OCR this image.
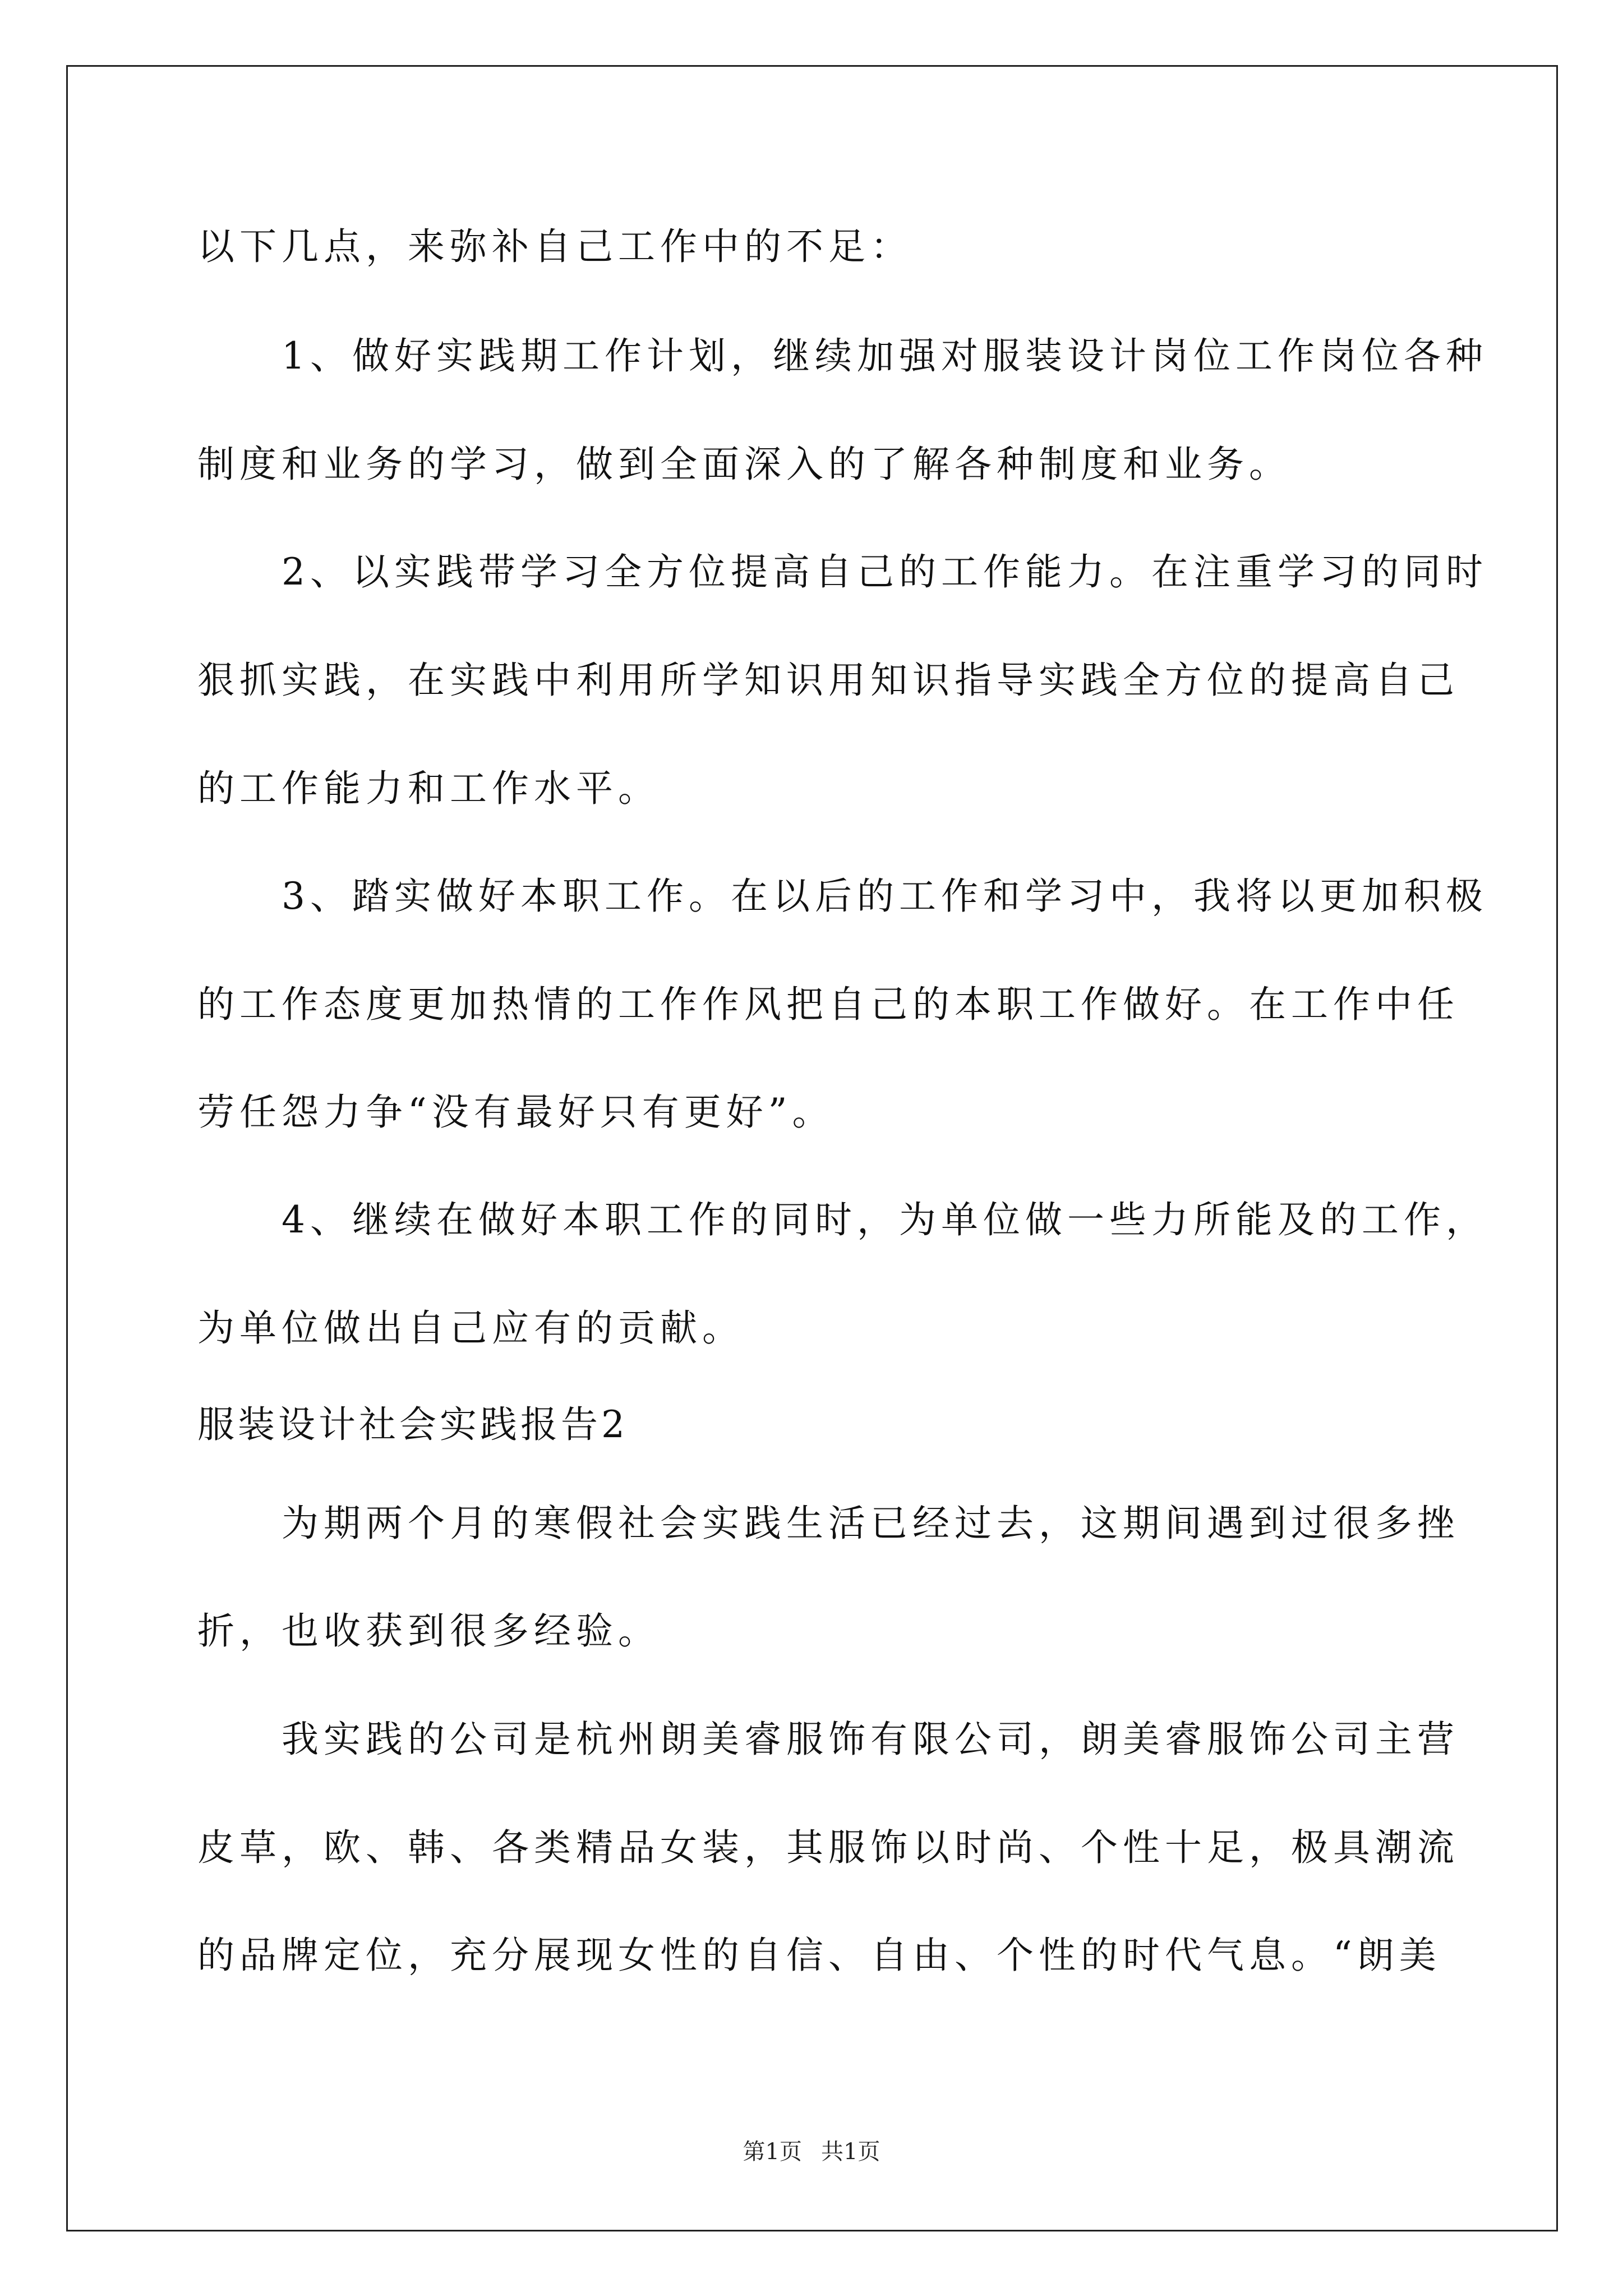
以下几点，来弥补自己工作中的不足：
1、做好实践期工作计划，继续加强对服装设计岗位工作岗位各种
制度和业务的学习，做到全面深入的了解各种制度和业务。
2、以实践带学习全方位提高自己的工作能力。在注重学习的同时
狠抓实践，在实践中利用所学知识用知识指导实践全方位的提高自己
的工作能力和工作水平。
3、踏实做好本职工作。在以后的工作和学习中，我将以更加积极
的工作态度更加热情的工作作风把自己的本职工作做好。在工作中任
劳任怨力争“没有最好只有更好”。
4、继续在做好本职工作的同时，为单位做一些力所能及的工作，
为单位做出自己应有的贡献。
服装设计社会实践报告2
为期两个月的寒假社会实践生活已经过去，这期间遇到过很多挫
折，也收获到很多经验。
我实践的公司是杭州朗美睿服饰有限公司，朗美睿服饰公司主营
皮草，欧、韩、各类精品女装，其服饰以时尚、个性十足，极具潮流
的品牌定位，充分展现女性的自信、自由、个性的时代气息。“朗美
第1页 共1页
